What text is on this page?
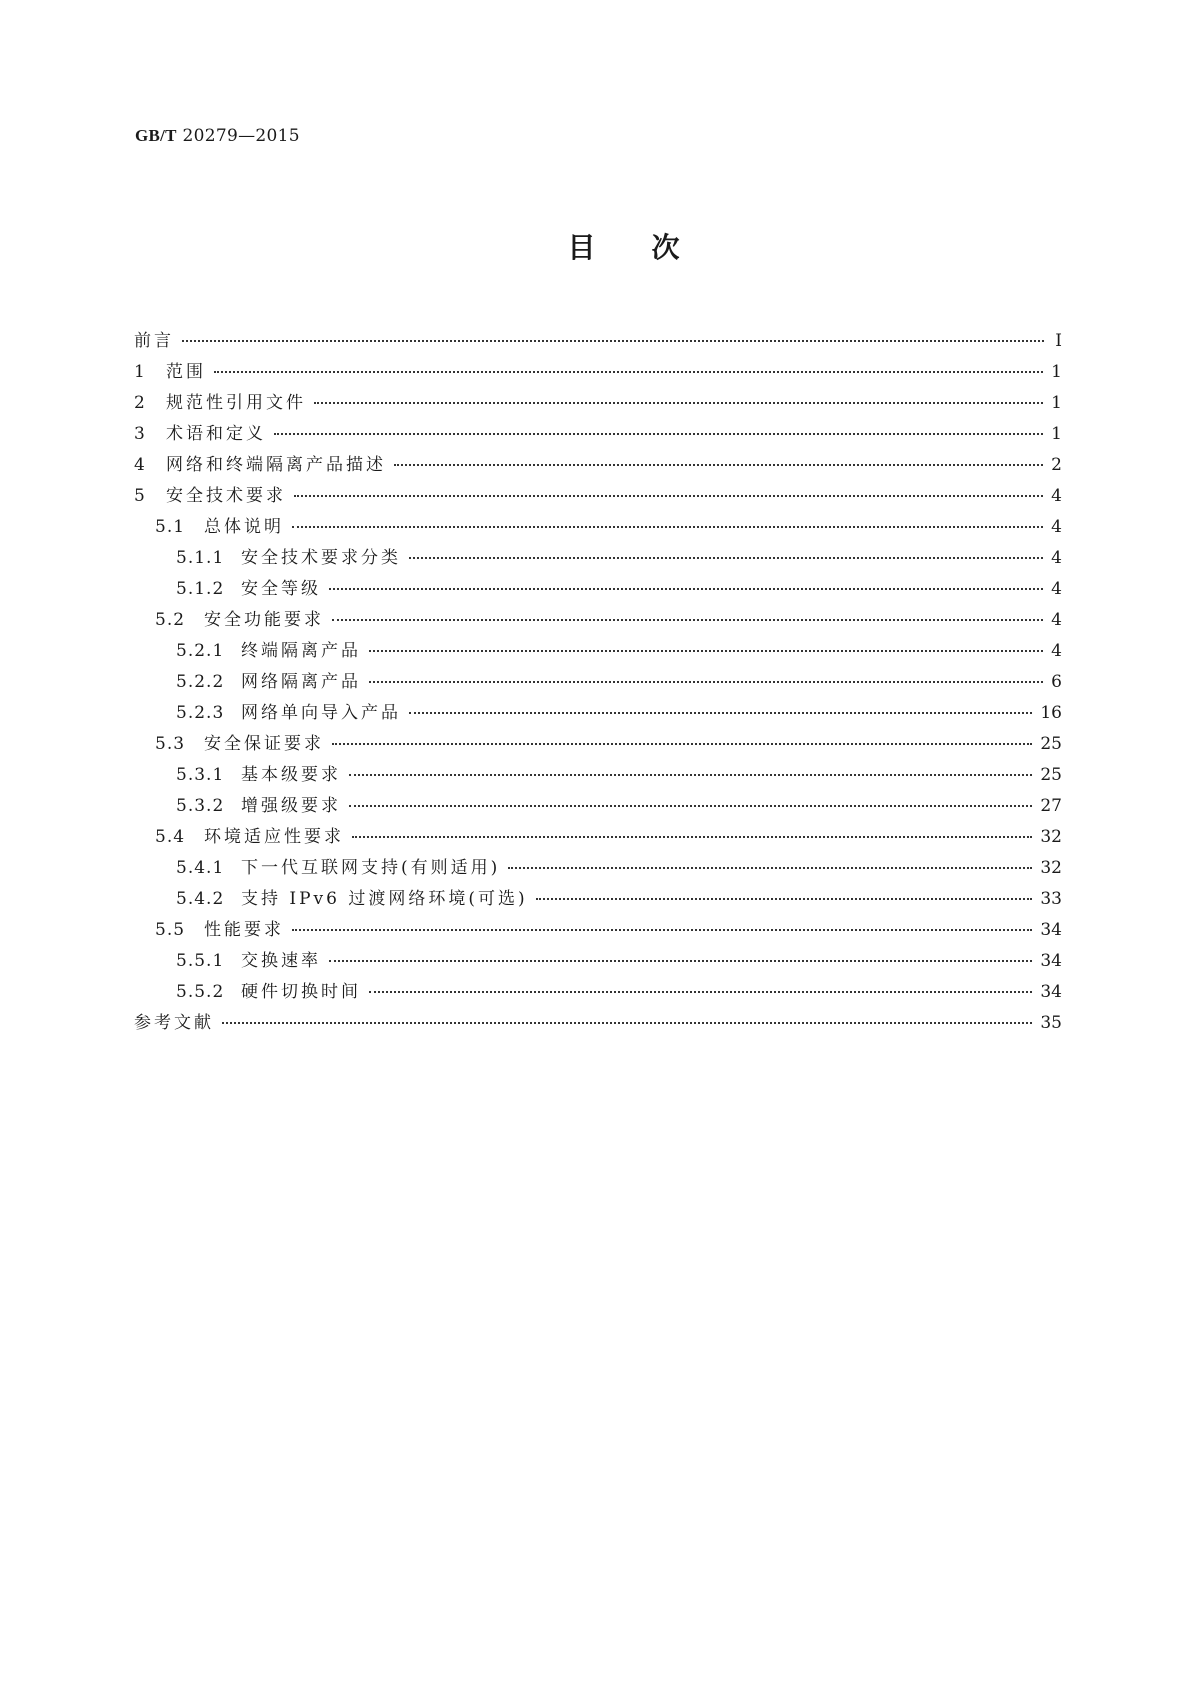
GB/T 20279—2015
目次
前言	Ⅰ
1	范围	1
2	规范性引用文件	1
3	术语和定义	1
4	网络和终端隔离产品描述	2
5	安全技术要求	4
5.1	总体说明	4
5.1.1 安全技术要求分类	4
5.1.2 安全等级	4
5.2	安全功能要求	4
5.2.1 终端隔离产品	4
5.2.2 网络隔离产品	6
5.2.3 网络单向导入产品	16
5.3	安全保证要求	25
5.3.1 基本级要求	25
5.3.2 增强级要求	27
5.4	环境适应性要求	32
5.4.1 下一代互联网支持(有则适用)	32
5.4.2 支持 IPv6 过渡网络环境(可选)	33
5.5	性能要求	34
5.5.1 交换速率	34
5.5.2 硬件切换时间	34
参考文献	35
